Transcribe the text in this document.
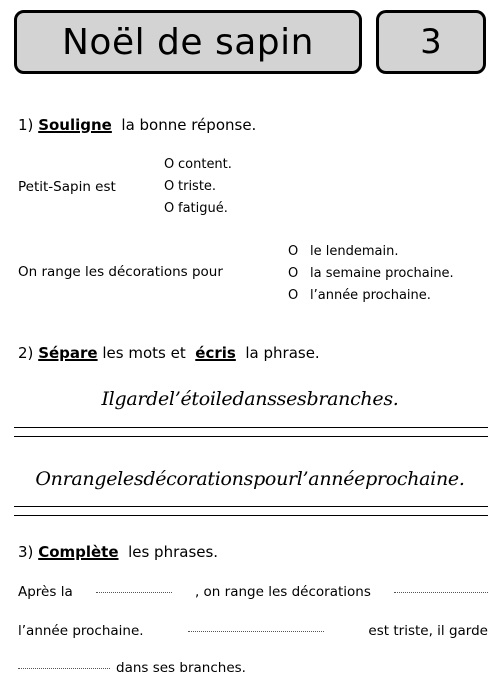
Noël de sapin	3
1) Souligne la bonne réponse.
Petit-Sapin est
O content.
O triste.
O fatigué.
On range les décorations pour
O le lendemain.
O la semaine prochaine.
O l’année prochaine.
2) Sépare les mots et écris la phrase.
Ilgardel’étoiledanssesbranches.
Onrangelesdécorationspourl’annéeprochaine.
3) Complète les phrases.
Après la	, on range les décorations
l’année prochaine.	est triste, il garde
dans ses branches.
